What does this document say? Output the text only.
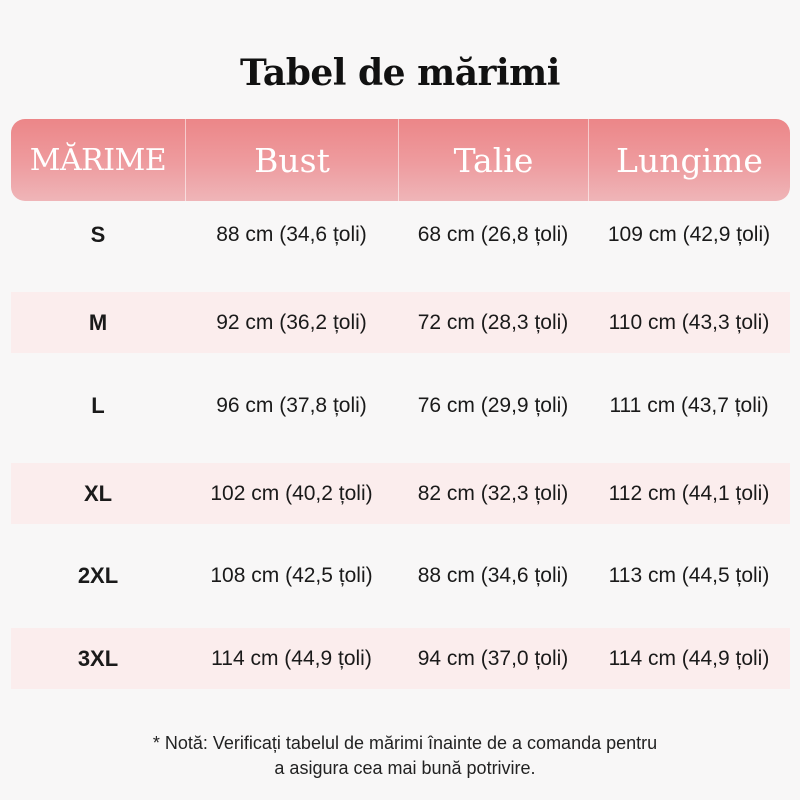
Tabel de mărimi
MĂRIME	Bust	Talie	Lungime
S	88 cm (34,6 țoli)	68 cm (26,8 țoli)	109 cm (42,9 țoli)
M	92 cm (36,2 țoli)	72 cm (28,3 țoli)	110 cm (43,3 țoli)
L	96 cm (37,8 țoli)	76 cm (29,9 țoli)	111 cm (43,7 țoli)
XL	102 cm (40,2 țoli)	82 cm (32,3 țoli)	112 cm (44,1 țoli)
2XL	108 cm (42,5 țoli)	88 cm (34,6 țoli)	113 cm (44,5 țoli)
3XL	114 cm (44,9 țoli)	94 cm (37,0 țoli)	114 cm (44,9 țoli)
* Notă: Verificați tabelul de mărimi înainte de a comanda pentru
a asigura cea mai bună potrivire.
